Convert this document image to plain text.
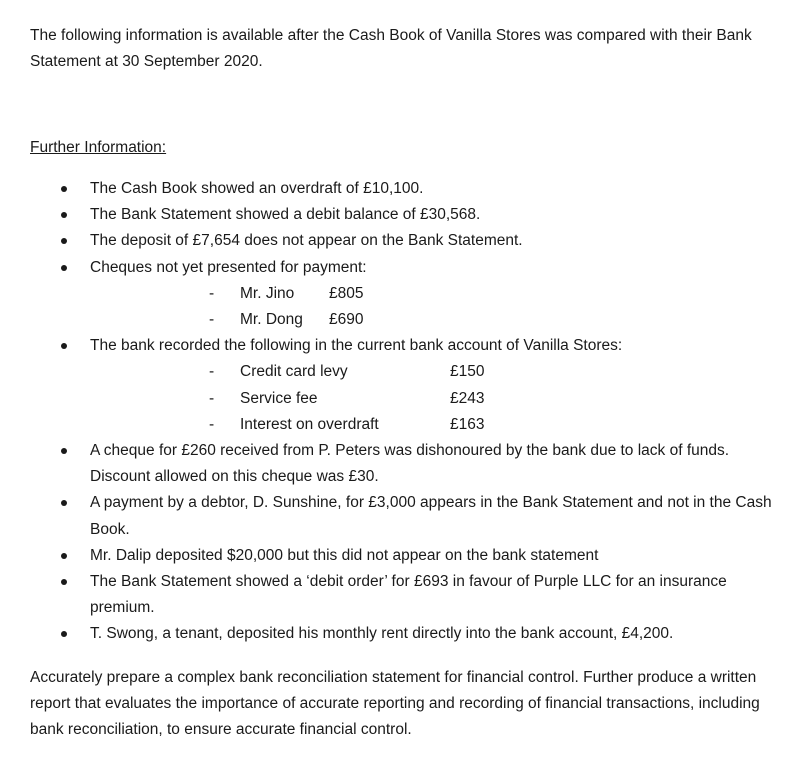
The following information is available after the Cash Book of Vanilla Stores was compared with their Bank Statement at 30 September 2020.
Further Information:
The Cash Book showed an overdraft of £10,100.
The Bank Statement showed a debit balance of £30,568.
The deposit of £7,654 does not appear on the Bank Statement.
Cheques not yet presented for payment:
- Mr. Jino £805
- Mr. Dong £690
The bank recorded the following in the current bank account of Vanilla Stores:
- Credit card levy	£150
- Service fee	£243
- Interest on overdraft	£163
A cheque for £260 received from P. Peters was dishonoured by the bank due to lack of funds. Discount allowed on this cheque was £30.
A payment by a debtor, D. Sunshine, for £3,000 appears in the Bank Statement and not in the Cash Book.
Mr. Dalip deposited $20,000 but this did not appear on the bank statement
The Bank Statement showed a ‘debit order’ for £693 in favour of Purple LLC for an insurance premium.
T. Swong, a tenant, deposited his monthly rent directly into the bank account, £4,200.
Accurately prepare a complex bank reconciliation statement for financial control. Further produce a written report that evaluates the importance of accurate reporting and recording of financial transactions, including bank reconciliation, to ensure accurate financial control.
